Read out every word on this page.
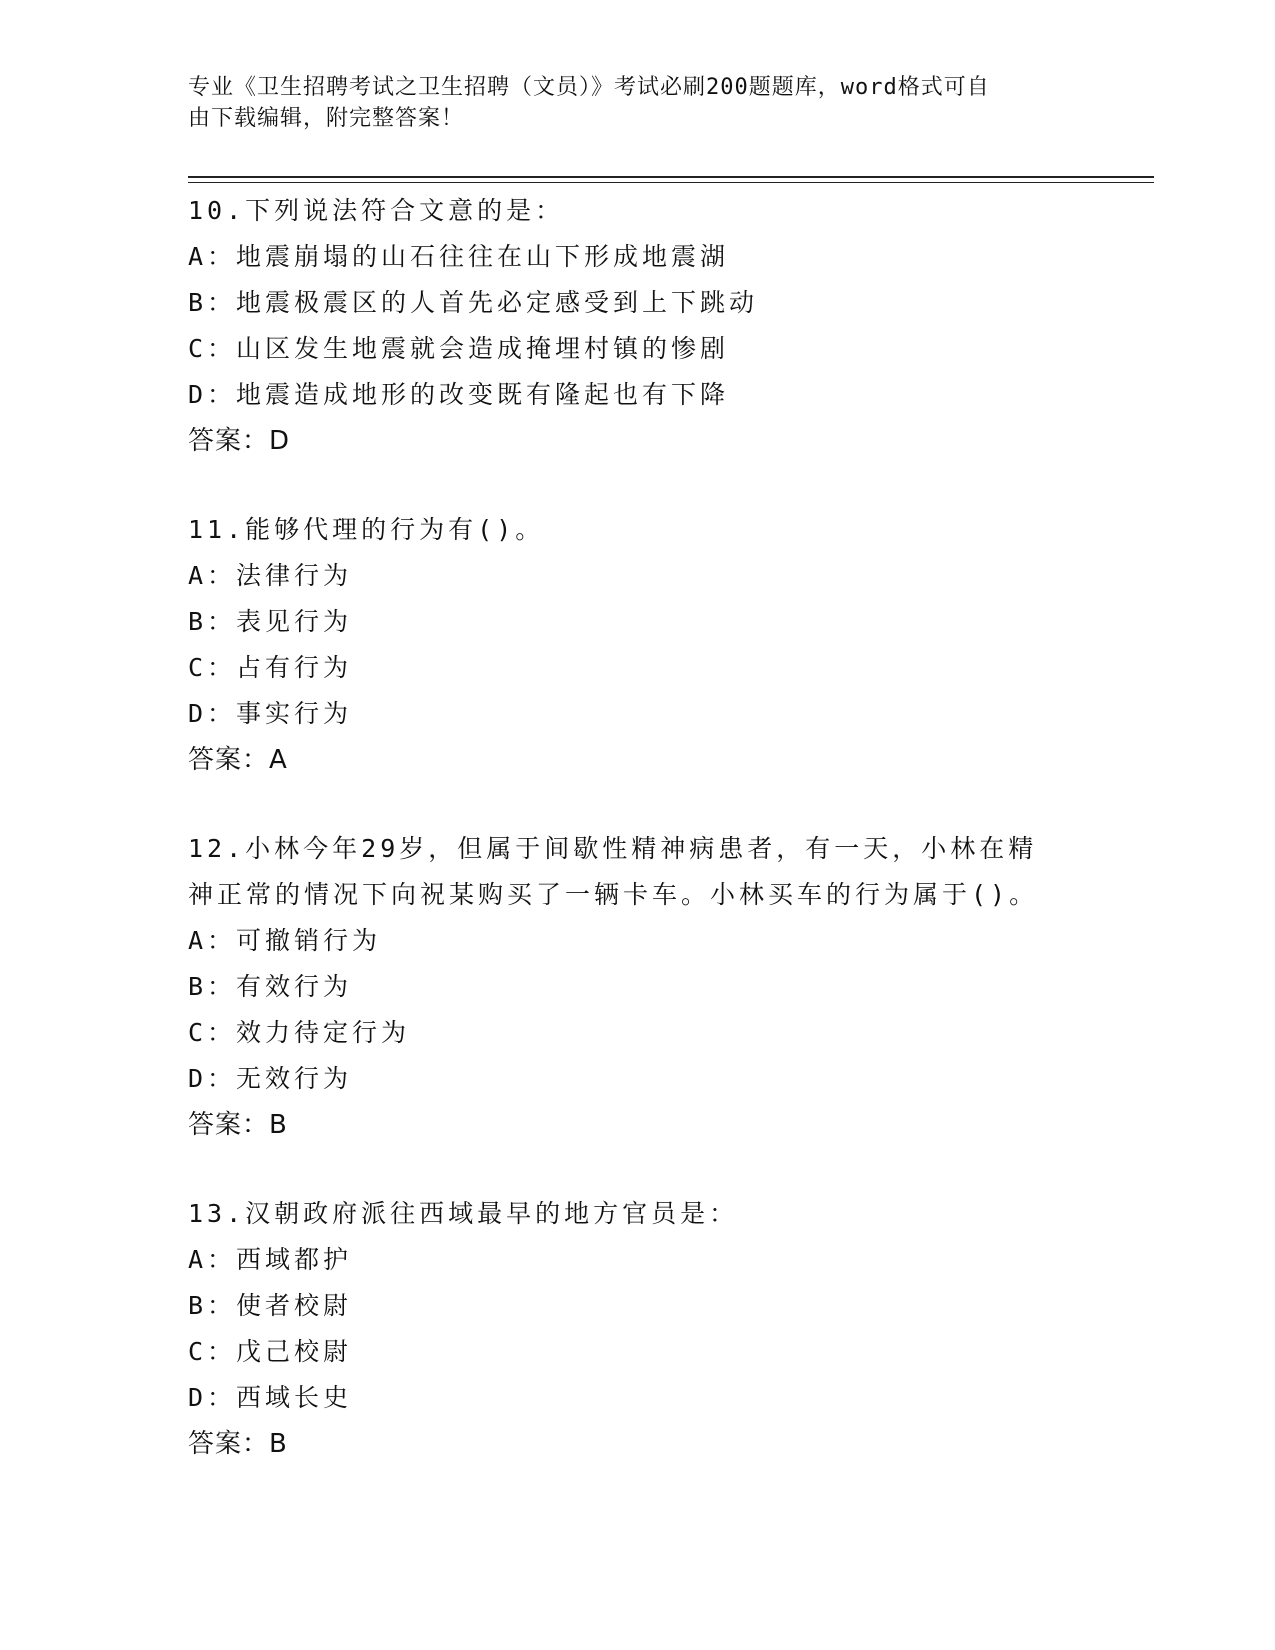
专业《卫生招聘考试之卫生招聘（文员）》考试必刷200题题库，word格式可自
由下载编辑，附完整答案！
10.下列说法符合文意的是：
A：地震崩塌的山石往往在山下形成地震湖
B：地震极震区的人首先必定感受到上下跳动
C：山区发生地震就会造成掩埋村镇的惨剧
D：地震造成地形的改变既有隆起也有下降
答案：D
11.能够代理的行为有()。
A：法律行为
B：表见行为
C：占有行为
D：事实行为
答案：A
12.小林今年29岁，但属于间歇性精神病患者，有一天，小林在精神正常的情况下向祝某购买了一辆卡车。小林买车的行为属于()。
A：可撤销行为
B：有效行为
C：效力待定行为
D：无效行为
答案：B
13.汉朝政府派往西域最早的地方官员是：
A：西域都护
B：使者校尉
C：戊己校尉
D：西域长史
答案：B
